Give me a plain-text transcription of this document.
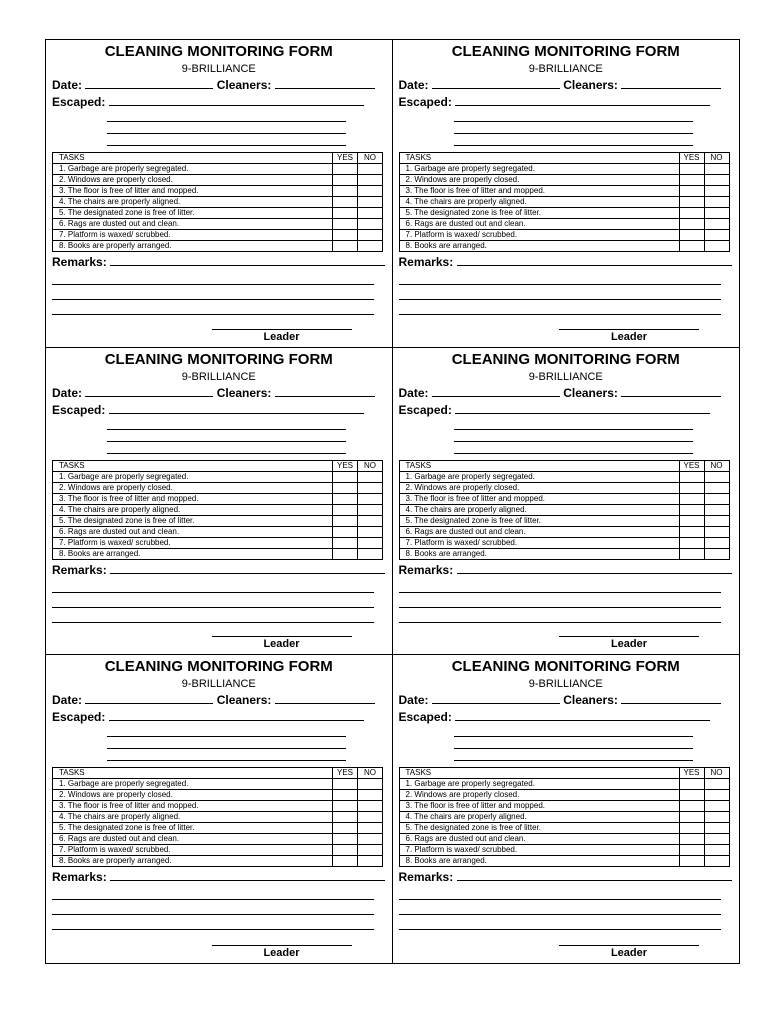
CLEANING MONITORING FORM
9-BRILLIANCE
Date:	Cleaners:
Escaped:
TASKS	YES	NO
1. Garbage are properly segregated.		
2. Windows are properly closed.		
3. The floor is free of litter and mopped.		
4. The chairs are properly aligned.		
5. The designated zone is free of litter.		
6. Rags are dusted out and clean.		
7. Platform is waxed/ scrubbed.		
8. Books are properly arranged.		
Remarks:
Leader
CLEANING MONITORING FORM
9-BRILLIANCE
Date:	Cleaners:
Escaped:
TASKS	YES	NO
1. Garbage are properly segregated.		
2. Windows are properly closed.		
3. The floor is free of litter and mopped.		
4. The chairs are properly aligned.		
5. The designated zone is free of litter.		
6. Rags are dusted out and clean.		
7. Platform is waxed/ scrubbed.		
8. Books are arranged.		
Remarks:
Leader
CLEANING MONITORING FORM
9-BRILLIANCE
Date:	Cleaners:
Escaped:
TASKS	YES	NO
1. Garbage are properly segregated.		
2. Windows are properly closed.		
3. The floor is free of litter and mopped.		
4. The chairs are properly aligned.		
5. The designated zone is free of litter.		
6. Rags are dusted out and clean.		
7. Platform is waxed/ scrubbed.		
8. Books are arranged.		
Remarks:
Leader
CLEANING MONITORING FORM
9-BRILLIANCE
Date:	Cleaners:
Escaped:
TASKS	YES	NO
1. Garbage are properly segregated.		
2. Windows are properly closed.		
3. The floor is free of litter and mopped.		
4. The chairs are properly aligned.		
5. The designated zone is free of litter.		
6. Rags are dusted out and clean.		
7. Platform is waxed/ scrubbed.		
8. Books are arranged.		
Remarks:
Leader
CLEANING MONITORING FORM
9-BRILLIANCE
Date:	Cleaners:
Escaped:
TASKS	YES	NO
1. Garbage are properly segregated.		
2. Windows are properly closed.		
3. The floor is free of litter and mopped.		
4. The chairs are properly aligned.		
5. The designated zone is free of litter.		
6. Rags are dusted out and clean.		
7. Platform is waxed/ scrubbed.		
8. Books are properly arranged.		
Remarks:
Leader
CLEANING MONITORING FORM
9-BRILLIANCE
Date:	Cleaners:
Escaped:
TASKS	YES	NO
1. Garbage are properly segregated.		
2. Windows are properly closed.		
3. The floor is free of litter and mopped.		
4. The chairs are properly aligned.		
5. The designated zone is free of litter.		
6. Rags are dusted out and clean.		
7. Platform is waxed/ scrubbed.		
8. Books are arranged.		
Remarks:
Leader
